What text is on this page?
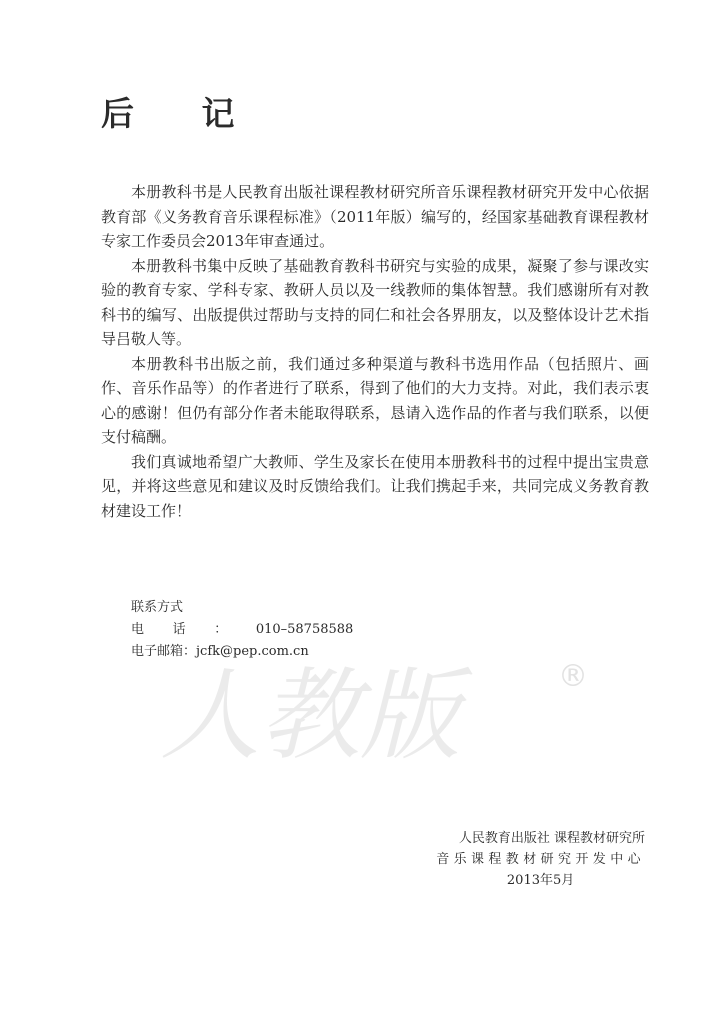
人教版	®
后 记

本册教科书是人民教育出版社课程教材研究所音乐课程教材研究开发中心依据教育部《义务教育音乐课程标准》（2011年版）编写的，经国家基础教育课程教材专家工作委员会2013年审查通过。

本册教科书集中反映了基础教育教科书研究与实验的成果，凝聚了参与课改实验的教育专家、学科专家、教研人员以及一线教师的集体智慧。我们感谢所有对教科书的编写、出版提供过帮助与支持的同仁和社会各界朋友，以及整体设计艺术指导吕敬人等。

本册教科书出版之前，我们通过多种渠道与教科书选用作品（包括照片、画作、音乐作品等）的作者进行了联系，得到了他们的大力支持。对此，我们表示衷心的感谢！但仍有部分作者未能取得联系，恳请入选作品的作者与我们联系，以便支付稿酬。

我们真诚地希望广大教师、学生及家长在使用本册教科书的过程中提出宝贵意见，并将这些意见和建议及时反馈给我们。让我们携起手来，共同完成义务教育教材建设工作！

联系方式
电话：010–58758588
电子邮箱：jcfk@pep.com.cn
人民教育出版社 课程教材研究所
音乐课程教材研究开发中心
2013年5月
